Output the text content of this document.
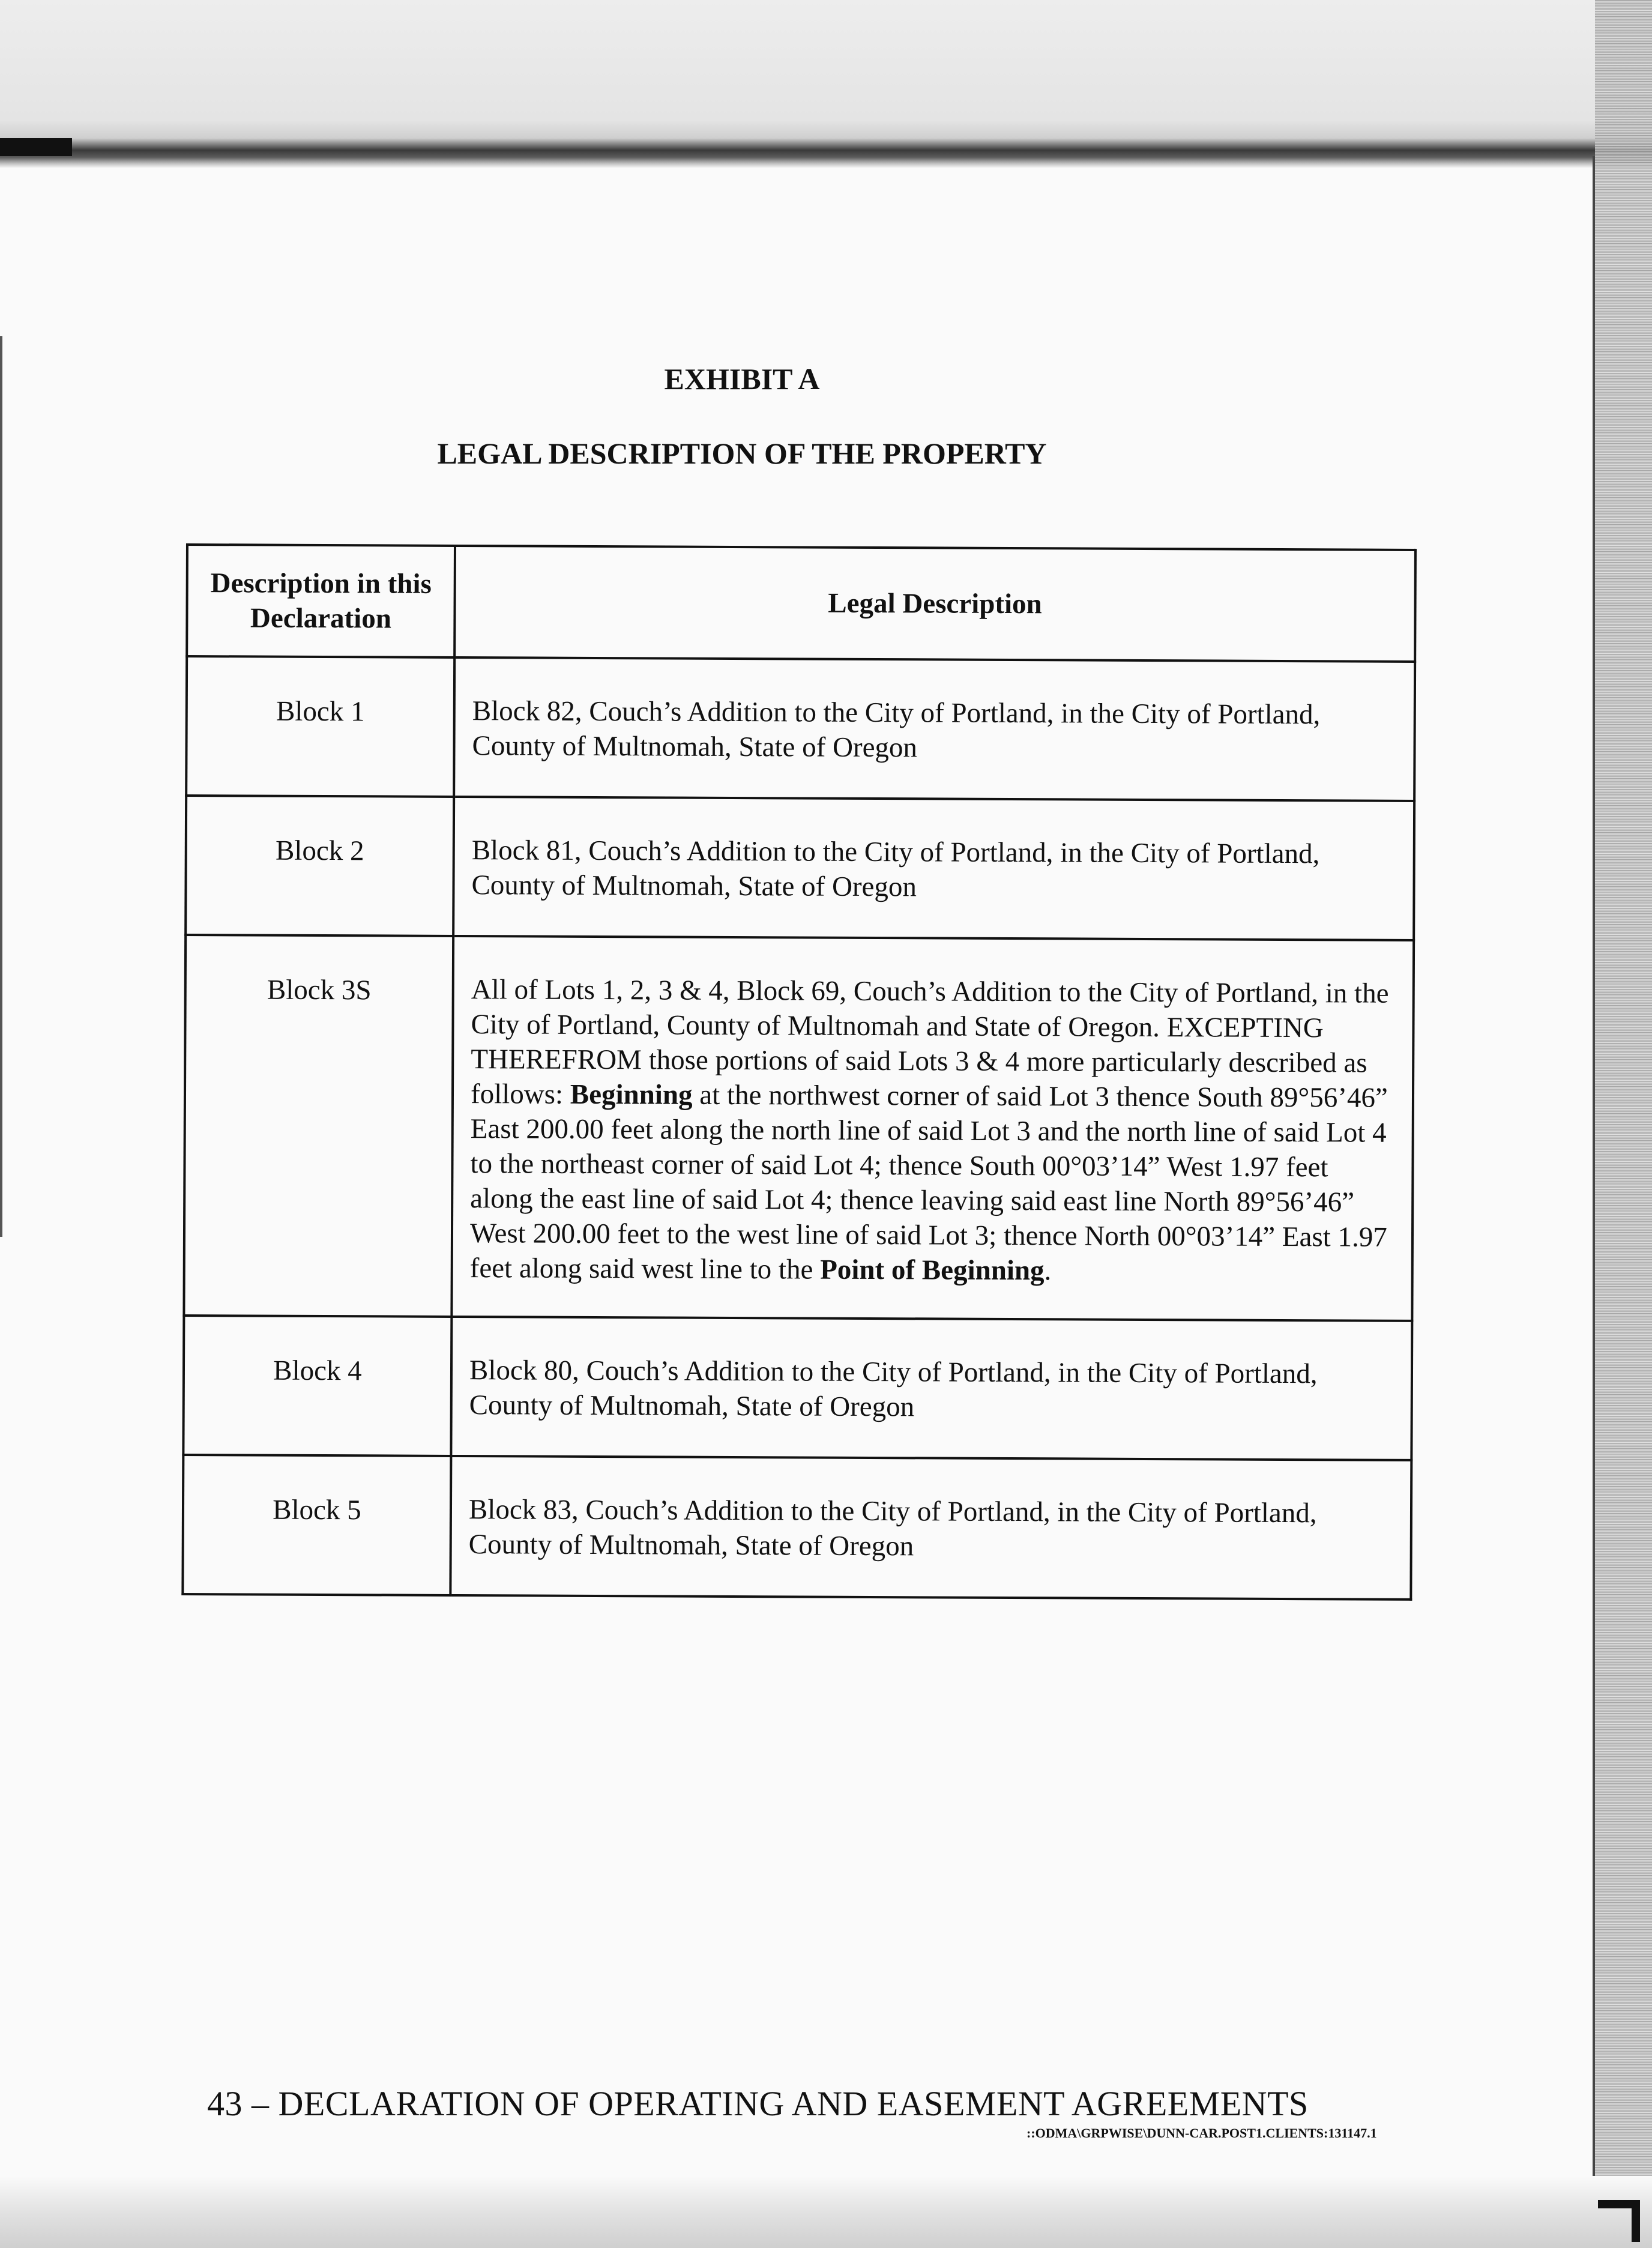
EXHIBIT A
LEGAL DESCRIPTION OF THE PROPERTY
Description in this Declaration	Legal Description
Block 1	Block 82, Couch’s Addition to the City of Portland, in the City of Portland, County of Multnomah, State of Oregon
Block 2	Block 81, Couch’s Addition to the City of Portland, in the City of Portland, County of Multnomah, State of Oregon
Block 3S	All of Lots 1, 2, 3 & 4, Block 69, Couch’s Addition to the City of Portland, in the City of Portland, County of Multnomah and State of Oregon. EXCEPTING THEREFROM those portions of said Lots 3 & 4 more particularly described as follows: Beginning at the northwest corner of said Lot 3 thence South 89°56’46” East 200.00 feet along the north line of said Lot 3 and the north line of said Lot 4 to the northeast corner of said Lot 4; thence South 00°03’14” West 1.97 feet along the east line of said Lot 4; thence leaving said east line North 89°56’46” West 200.00 feet to the west line of said Lot 3; thence North 00°03’14” East 1.97 feet along said west line to the Point of Beginning.
Block 4	Block 80, Couch’s Addition to the City of Portland, in the City of Portland, County of Multnomah, State of Oregon
Block 5	Block 83, Couch’s Addition to the City of Portland, in the City of Portland, County of Multnomah, State of Oregon
43 – DECLARATION OF OPERATING AND EASEMENT AGREEMENTS
::ODMA\GRPWISE\DUNN-CAR.POST1.CLIENTS:131147.1
